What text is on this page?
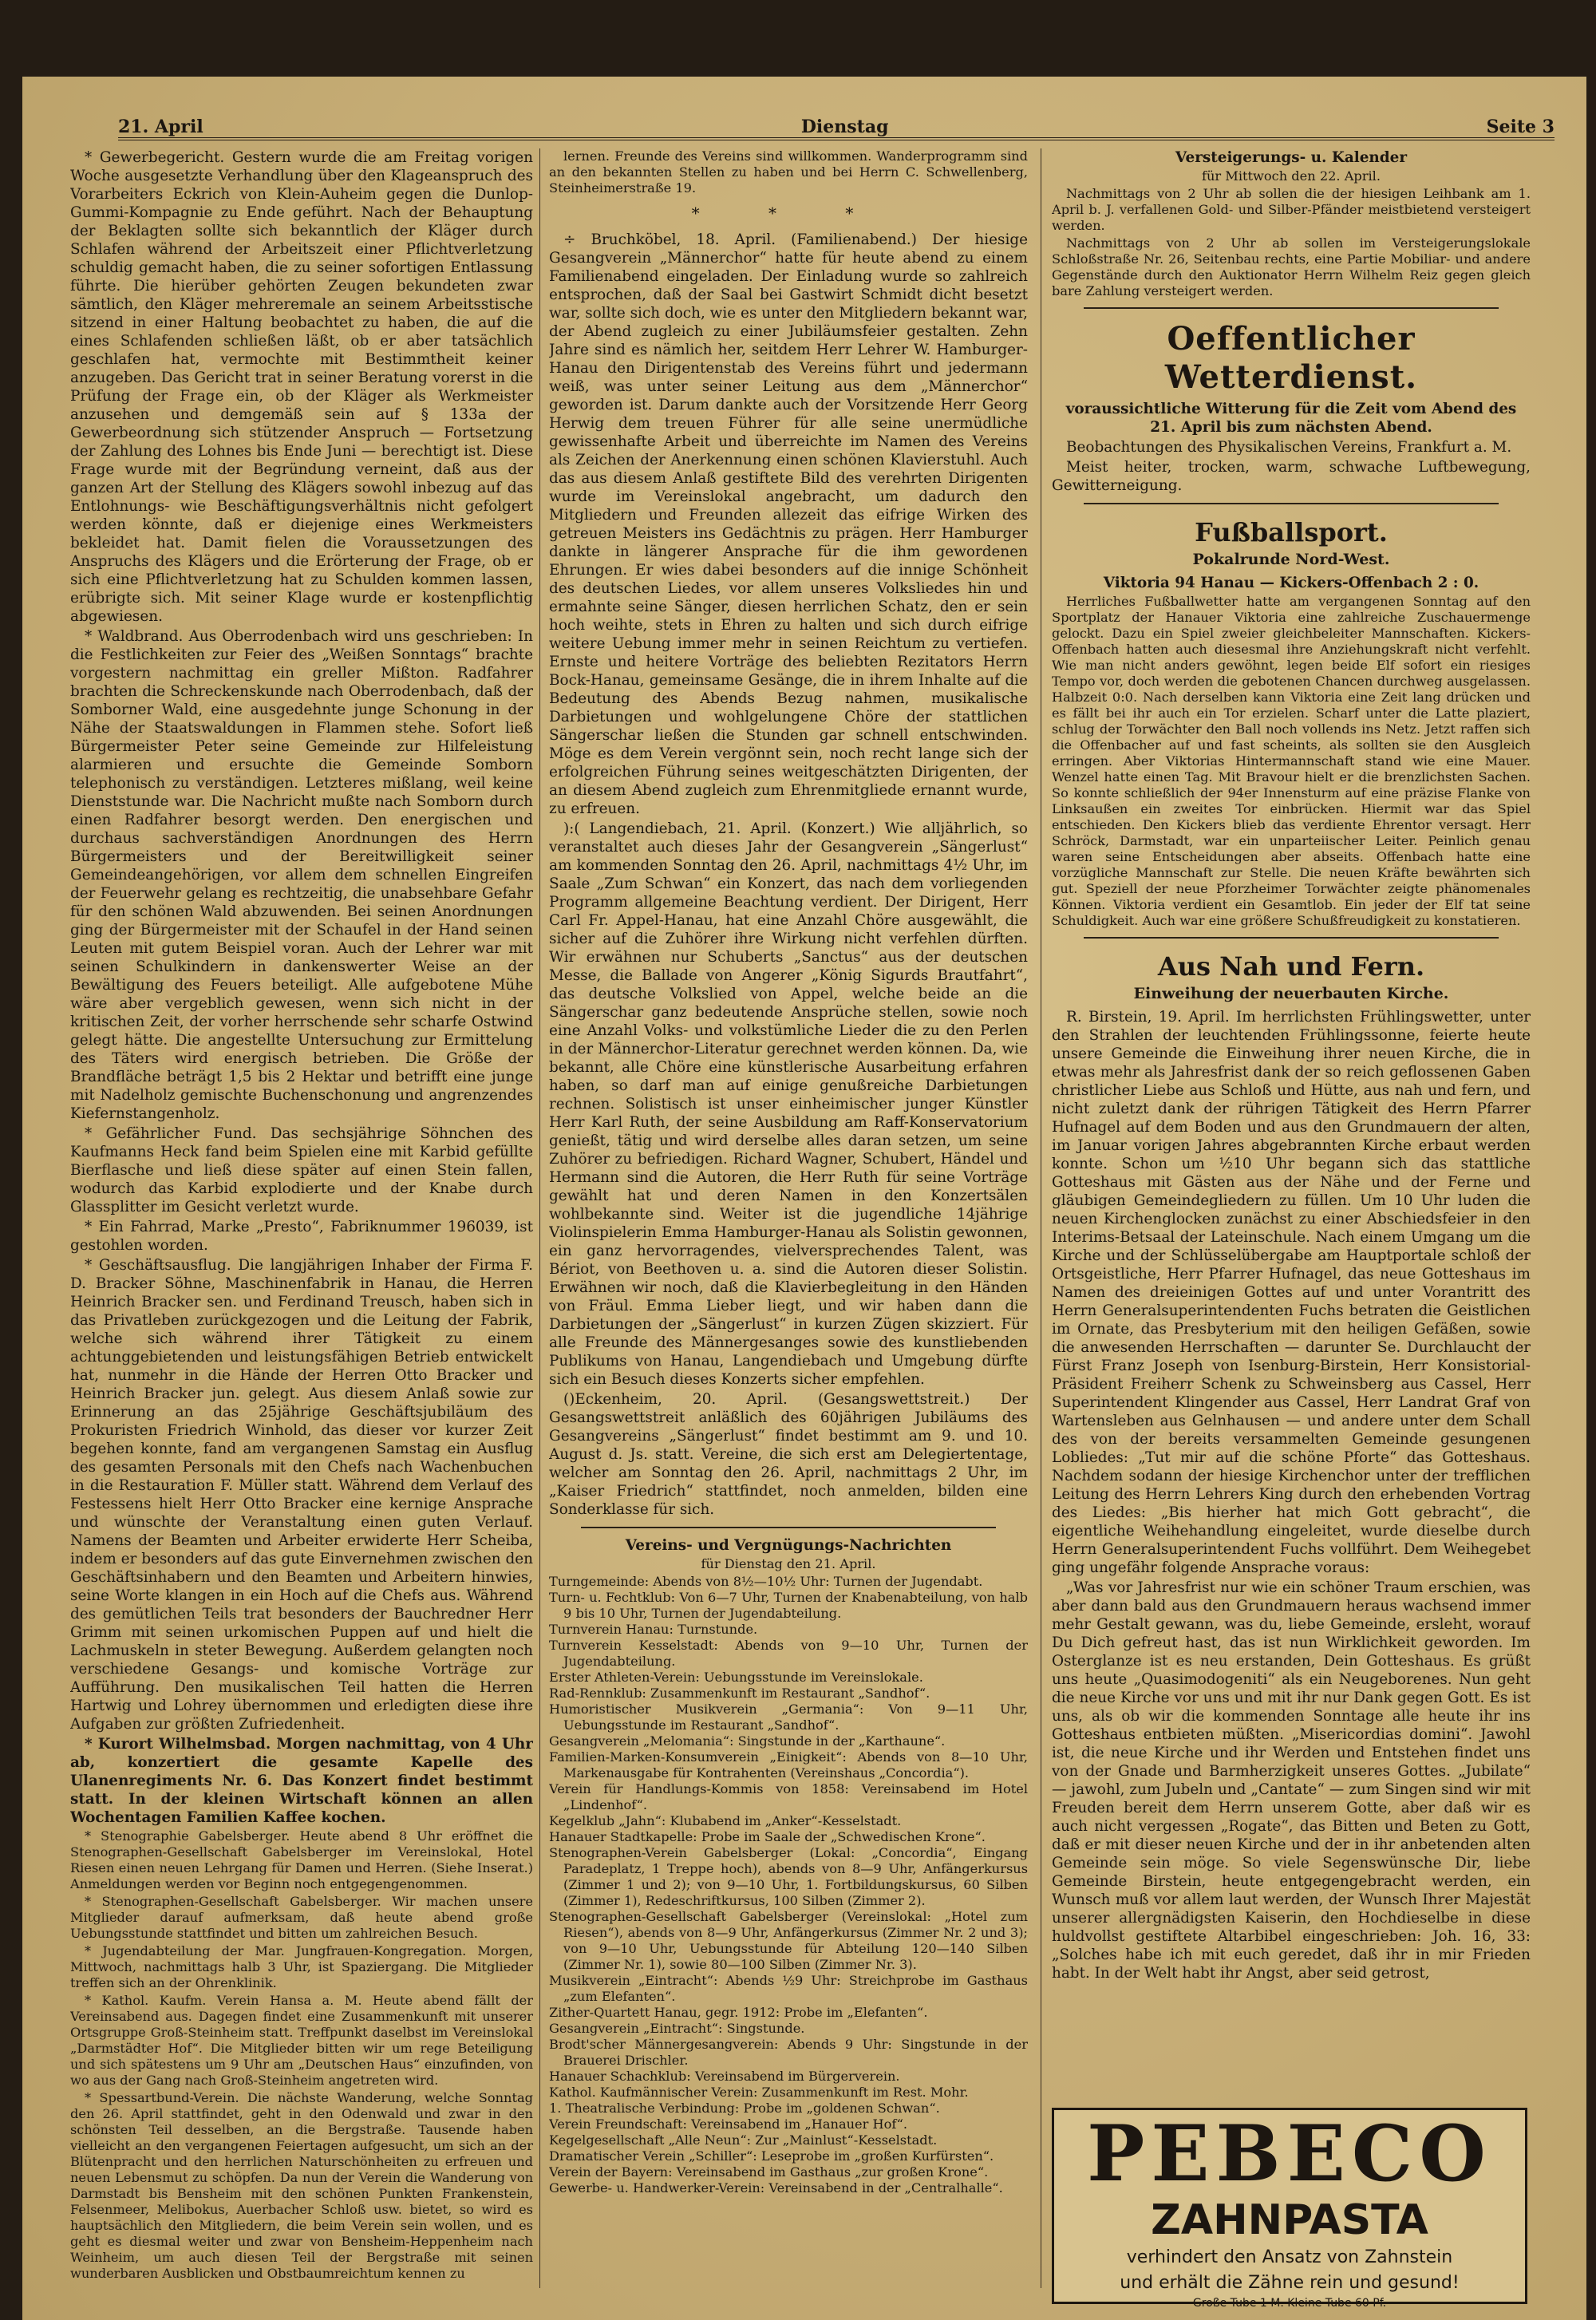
21. April	Dienstag	Seite 3

* Gewerbegericht. Gestern wurde die am Freitag vorigen Woche ausgesetzte Verhandlung über den Klageanspruch des Vorarbeiters Eckrich von Klein-Auheim gegen die Dunlop-Gummi-Kompagnie zu Ende geführt. Nach der Behauptung der Beklagten sollte sich bekanntlich der Kläger durch Schlafen während der Arbeitszeit einer Pflichtverletzung schuldig gemacht haben, die zu seiner sofortigen Entlassung führte. Die hierüber gehörten Zeugen bekundeten zwar sämtlich, den Kläger mehreremale an seinem Arbeitsstische sitzend in einer Haltung beobachtet zu haben, die auf die eines Schlafenden schließen läßt, ob er aber tatsächlich geschlafen hat, vermochte mit Bestimmtheit keiner anzugeben. Das Gericht trat in seiner Beratung vorerst in die Prüfung der Frage ein, ob der Kläger als Werkmeister anzusehen und demgemäß sein auf § 133a der Gewerbeordnung sich stützender Anspruch — Fortsetzung der Zahlung des Lohnes bis Ende Juni — berechtigt ist. Diese Frage wurde mit der Begründung verneint, daß aus der ganzen Art der Stellung des Klägers sowohl inbezug auf das Entlohnungs- wie Beschäftigungsverhältnis nicht gefolgert werden könnte, daß er diejenige eines Werkmeisters bekleidet hat. Damit fielen die Voraussetzungen des Anspruchs des Klägers und die Erörterung der Frage, ob er sich eine Pflichtverletzung hat zu Schulden kommen lassen, erübrigte sich. Mit seiner Klage wurde er kostenpflichtig abgewiesen.

* Waldbrand. Aus Oberrodenbach wird uns geschrieben: In die Festlichkeiten zur Feier des „Weißen Sonntags“ brachte vorgestern nachmittag ein greller Mißton. Radfahrer brachten die Schreckenskunde nach Oberrodenbach, daß der Somborner Wald, eine ausgedehnte junge Schonung in der Nähe der Staatswaldungen in Flammen stehe. Sofort ließ Bürgermeister Peter seine Gemeinde zur Hilfeleistung alarmieren und ersuchte die Gemeinde Somborn telephonisch zu verständigen. Letzteres mißlang, weil keine Dienststunde war. Die Nachricht mußte nach Somborn durch einen Radfahrer besorgt werden. Den energischen und durchaus sachverständigen Anordnungen des Herrn Bürgermeisters und der Bereitwilligkeit seiner Gemeindeangehörigen, vor allem dem schnellen Eingreifen der Feuerwehr gelang es rechtzeitig, die unabsehbare Gefahr für den schönen Wald abzuwenden. Bei seinen Anordnungen ging der Bürgermeister mit der Schaufel in der Hand seinen Leuten mit gutem Beispiel voran. Auch der Lehrer war mit seinen Schulkindern in dankenswerter Weise an der Bewältigung des Feuers beteiligt. Alle aufgebotene Mühe wäre aber vergeblich gewesen, wenn sich nicht in der kritischen Zeit, der vorher herrschende sehr scharfe Ostwind gelegt hätte. Die angestellte Untersuchung zur Ermittelung des Täters wird energisch betrieben. Die Größe der Brandfläche beträgt 1,5 bis 2 Hektar und betrifft eine junge mit Nadelholz gemischte Buchenschonung und angrenzendes Kiefernstangenholz.

* Gefährlicher Fund. Das sechsjährige Söhnchen des Kaufmanns Heck fand beim Spielen eine mit Karbid gefüllte Bierflasche und ließ diese später auf einen Stein fallen, wodurch das Karbid explodierte und der Knabe durch Glassplitter im Gesicht verletzt wurde.

* Ein Fahrrad, Marke „Presto“, Fabriknummer 196039, ist gestohlen worden.

* Geschäftsausflug. Die langjährigen Inhaber der Firma F. D. Bracker Söhne, Maschinenfabrik in Hanau, die Herren Heinrich Bracker sen. und Ferdinand Treusch, haben sich in das Privatleben zurückgezogen und die Leitung der Fabrik, welche sich während ihrer Tätigkeit zu einem achtunggebietenden und leistungsfähigen Betrieb entwickelt hat, nunmehr in die Hände der Herren Otto Bracker und Heinrich Bracker jun. gelegt. Aus diesem Anlaß sowie zur Erinnerung an das 25jährige Geschäftsjubiläum des Prokuristen Friedrich Winhold, das dieser vor kurzer Zeit begehen konnte, fand am vergangenen Samstag ein Ausflug des gesamten Personals mit den Chefs nach Wachenbuchen in die Restauration F. Müller statt. Während dem Verlauf des Festessens hielt Herr Otto Bracker eine kernige Ansprache und wünschte der Veranstaltung einen guten Verlauf. Namens der Beamten und Arbeiter erwiderte Herr Scheiba, indem er besonders auf das gute Einvernehmen zwischen den Geschäftsinhabern und den Beamten und Arbeitern hinwies, seine Worte klangen in ein Hoch auf die Chefs aus. Während des gemütlichen Teils trat besonders der Bauchredner Herr Grimm mit seinen urkomischen Puppen auf und hielt die Lachmuskeln in steter Bewegung. Außerdem gelangten noch verschiedene Gesangs- und komische Vorträge zur Aufführung. Den musikalischen Teil hatten die Herren Hartwig und Lohrey übernommen und erledigten diese ihre Aufgaben zur größten Zufriedenheit.

* Kurort Wilhelmsbad. Morgen nachmittag, von 4 Uhr ab, konzertiert die gesamte Kapelle des Ulanenregiments Nr. 6. Das Konzert findet bestimmt statt. In der kleinen Wirtschaft können an allen Wochentagen Familien Kaffee kochen.

* Stenographie Gabelsberger. Heute abend 8 Uhr eröffnet die Stenographen-Gesellschaft Gabelsberger im Vereinslokal, Hotel Riesen einen neuen Lehrgang für Damen und Herren. (Siehe Inserat.) Anmeldungen werden vor Beginn noch entgegengenommen.

* Stenographen-Gesellschaft Gabelsberger. Wir machen unsere Mitglieder darauf aufmerksam, daß heute abend große Uebungsstunde stattfindet und bitten um zahlreichen Besuch.

* Jugendabteilung der Mar. Jungfrauen-Kongregation. Morgen, Mittwoch, nachmittags halb 3 Uhr, ist Spaziergang. Die Mitglieder treffen sich an der Ohrenklinik.

* Kathol. Kaufm. Verein Hansa a. M. Heute abend fällt der Vereinsabend aus. Dagegen findet eine Zusammenkunft mit unserer Ortsgruppe Groß-Steinheim statt. Treffpunkt daselbst im Vereinslokal „Darmstädter Hof“. Die Mitglieder bitten wir um rege Beteiligung und sich spätestens um 9 Uhr am „Deutschen Haus“ einzufinden, von wo aus der Gang nach Groß-Steinheim angetreten wird.

* Spessartbund-Verein. Die nächste Wanderung, welche Sonntag den 26. April stattfindet, geht in den Odenwald und zwar in den schönsten Teil desselben, an die Bergstraße. Tausende haben vielleicht an den vergangenen Feiertagen aufgesucht, um sich an der Blütenpracht und den herrlichen Naturschönheiten zu erfreuen und neuen Lebensmut zu schöpfen. Da nun der Verein die Wanderung von Darmstadt bis Bensheim mit den schönen Punkten Frankenstein, Felsenmeer, Melibokus, Auerbacher Schloß usw. bietet, so wird es hauptsächlich den Mitgliedern, die beim Verein sein wollen, und es geht es diesmal weiter und zwar von Bensheim-Heppenheim nach Weinheim, um auch diesen Teil der Bergstraße mit seinen wunderbaren Ausblicken und Obstbaumreichtum kennen zu

lernen. Freunde des Vereins sind willkommen. Wanderprogramm sind an den bekannten Stellen zu haben und bei Herrn C. Schwellenberg, Steinheimerstraße 19.

* * *

÷ Bruchköbel, 18. April. (Familienabend.) Der hiesige Gesangverein „Männerchor“ hatte für heute abend zu einem Familienabend eingeladen. Der Einladung wurde so zahlreich entsprochen, daß der Saal bei Gastwirt Schmidt dicht besetzt war, sollte sich doch, wie es unter den Mitgliedern bekannt war, der Abend zugleich zu einer Jubiläumsfeier gestalten. Zehn Jahre sind es nämlich her, seitdem Herr Lehrer W. Hamburger-Hanau den Dirigentenstab des Vereins führt und jedermann weiß, was unter seiner Leitung aus dem „Männerchor“ geworden ist. Darum dankte auch der Vorsitzende Herr Georg Herwig dem treuen Führer für alle seine unermüdliche gewissenhafte Arbeit und überreichte im Namen des Vereins als Zeichen der Anerkennung einen schönen Klavierstuhl. Auch das aus diesem Anlaß gestiftete Bild des verehrten Dirigenten wurde im Vereinslokal angebracht, um dadurch den Mitgliedern und Freunden allezeit das eifrige Wirken des getreuen Meisters ins Gedächtnis zu prägen. Herr Hamburger dankte in längerer Ansprache für die ihm gewordenen Ehrungen. Er wies dabei besonders auf die innige Schönheit des deutschen Liedes, vor allem unseres Volksliedes hin und ermahnte seine Sänger, diesen herrlichen Schatz, den er sein hoch weihte, stets in Ehren zu halten und sich durch eifrige weitere Uebung immer mehr in seinen Reichtum zu vertiefen. Ernste und heitere Vorträge des beliebten Rezitators Herrn Bock-Hanau, gemeinsame Gesänge, die in ihrem Inhalte auf die Bedeutung des Abends Bezug nahmen, musikalische Darbietungen und wohlgelungene Chöre der stattlichen Sängerschar ließen die Stunden gar schnell entschwinden. Möge es dem Verein vergönnt sein, noch recht lange sich der erfolgreichen Führung seines weitgeschätzten Dirigenten, der an diesem Abend zugleich zum Ehrenmitgliede ernannt wurde, zu erfreuen.

):( Langendiebach, 21. April. (Konzert.) Wie alljährlich, so veranstaltet auch dieses Jahr der Gesangverein „Sängerlust“ am kommenden Sonntag den 26. April, nachmittags 4½ Uhr, im Saale „Zum Schwan“ ein Konzert, das nach dem vorliegenden Programm allgemeine Beachtung verdient. Der Dirigent, Herr Carl Fr. Appel-Hanau, hat eine Anzahl Chöre ausgewählt, die sicher auf die Zuhörer ihre Wirkung nicht verfehlen dürften. Wir erwähnen nur Schuberts „Sanctus“ aus der deutschen Messe, die Ballade von Angerer „König Sigurds Brautfahrt“, das deutsche Volkslied von Appel, welche beide an die Sängerschar ganz bedeutende Ansprüche stellen, sowie noch eine Anzahl Volks- und volkstümliche Lieder die zu den Perlen in der Männerchor-Literatur gerechnet werden können. Da, wie bekannt, alle Chöre eine künstlerische Ausarbeitung erfahren haben, so darf man auf einige genußreiche Darbietungen rechnen. Solistisch ist unser einheimischer junger Künstler Herr Karl Ruth, der seine Ausbildung am Raff-Konservatorium genießt, tätig und wird derselbe alles daran setzen, um seine Zuhörer zu befriedigen. Richard Wagner, Schubert, Händel und Hermann sind die Autoren, die Herr Ruth für seine Vorträge gewählt hat und deren Namen in den Konzertsälen wohlbekannte sind. Weiter ist die jugendliche 14jährige Violinspielerin Emma Hamburger-Hanau als Solistin gewonnen, ein ganz hervorragendes, vielversprechendes Talent, was Bériot, von Beethoven u. a. sind die Autoren dieser Solistin. Erwähnen wir noch, daß die Klavierbegleitung in den Händen von Fräul. Emma Lieber liegt, und wir haben dann die Darbietungen der „Sängerlust“ in kurzen Zügen skizziert. Für alle Freunde des Männergesanges sowie des kunstliebenden Publikums von Hanau, Langendiebach und Umgebung dürfte sich ein Besuch dieses Konzerts sicher empfehlen.

()Eckenheim, 20. April. (Gesangswettstreit.) Der Gesangswettstreit anläßlich des 60jährigen Jubiläums des Gesangvereins „Sängerlust“ findet bestimmt am 9. und 10. August d. Js. statt. Vereine, die sich erst am Delegiertentage, welcher am Sonntag den 26. April, nachmittags 2 Uhr, im „Kaiser Friedrich“ stattfindet, noch anmelden, bilden eine Sonderklasse für sich.

Vereins- und Vergnügungs-Nachrichten

für Dienstag den 21. April.

Turngemeinde: Abends von 8½—10½ Uhr: Turnen der Jugendabt.
Turn- u. Fechtklub: Von 6—7 Uhr, Turnen der Knabenabteilung, von halb 9 bis 10 Uhr, Turnen der Jugendabteilung.
Turnverein Hanau: Turnstunde.
Turnverein Kesselstadt: Abends von 9—10 Uhr, Turnen der Jugendabteilung.
Erster Athleten-Verein: Uebungsstunde im Vereinslokale.
Rad-Rennklub: Zusammenkunft im Restaurant „Sandhof“.
Humoristischer Musikverein „Germania“: Von 9—11 Uhr, Uebungsstunde im Restaurant „Sandhof“.
Gesangverein „Melomania“: Singstunde in der „Karthaune“.
Familien-Marken-Konsumverein „Einigkeit“: Abends von 8—10 Uhr, Markenausgabe für Kontrahenten (Vereinshaus „Concordia“).
Verein für Handlungs-Kommis von 1858: Vereinsabend im Hotel „Lindenhof“.
Kegelklub „Jahn“: Klubabend im „Anker“-Kesselstadt.
Hanauer Stadtkapelle: Probe im Saale der „Schwedischen Krone“.
Stenographen-Verein Gabelsberger (Lokal: „Concordia“, Eingang Paradeplatz, 1 Treppe hoch), abends von 8—9 Uhr, Anfängerkursus (Zimmer 1 und 2); von 9—10 Uhr, 1. Fortbildungskursus, 60 Silben (Zimmer 1), Redeschriftkursus, 100 Silben (Zimmer 2).
Stenographen-Gesellschaft Gabelsberger (Vereinslokal: „Hotel zum Riesen“), abends von 8—9 Uhr, Anfängerkursus (Zimmer Nr. 2 und 3); von 9—10 Uhr, Uebungsstunde für Abteilung 120—140 Silben (Zimmer Nr. 1), sowie 80—100 Silben (Zimmer Nr. 3).
Musikverein „Eintracht“: Abends ½9 Uhr: Streichprobe im Gasthaus „zum Elefanten“.
Zither-Quartett Hanau, gegr. 1912: Probe im „Elefanten“.
Gesangverein „Eintracht“: Singstunde.
Brodt'scher Männergesangverein: Abends 9 Uhr: Singstunde in der Brauerei Drischler.
Hanauer Schachklub: Vereinsabend im Bürgerverein.
Kathol. Kaufmännischer Verein: Zusammenkunft im Rest. Mohr.
1. Theatralische Verbindung: Probe im „goldenen Schwan“.
Verein Freundschaft: Vereinsabend im „Hanauer Hof“.
Kegelgesellschaft „Alle Neun“: Zur „Mainlust“-Kesselstadt.
Dramatischer Verein „Schiller“: Leseprobe im „großen Kurfürsten“.
Verein der Bayern: Vereinsabend im Gasthaus „zur großen Krone“.
Gewerbe- u. Handwerker-Verein: Vereinsabend in der „Centralhalle“.

Versteigerungs- u. Kalender

für Mittwoch den 22. April.

Nachmittags von 2 Uhr ab sollen die der hiesigen Leihbank am 1. April b. J. verfallenen Gold- und Silber-Pfänder meistbietend versteigert werden.

Nachmittags von 2 Uhr ab sollen im Versteigerungslokale Schloßstraße Nr. 26, Seitenbau rechts, eine Partie Mobiliar- und andere Gegenstände durch den Auktionator Herrn Wilhelm Reiz gegen gleich bare Zahlung versteigert werden.

Oeffentlicher Wetterdienst.

voraussichtliche Witterung für die Zeit vom Abend des 21. April bis zum nächsten Abend.

Beobachtungen des Physikalischen Vereins, Frankfurt a. M.

Meist heiter, trocken, warm, schwache Luftbewegung, Gewitterneigung.

Fußballsport.

Pokalrunde Nord-West.

Viktoria 94 Hanau — Kickers-Offenbach 2 : 0.

Herrliches Fußballwetter hatte am vergangenen Sonntag auf den Sportplatz der Hanauer Viktoria eine zahlreiche Zuschauermenge gelockt. Dazu ein Spiel zweier gleichbeleiter Mannschaften. Kickers-Offenbach hatten auch diesesmal ihre Anziehungskraft nicht verfehlt. Wie man nicht anders gewöhnt, legen beide Elf sofort ein riesiges Tempo vor, doch werden die gebotenen Chancen durchweg ausgelassen. Halbzeit 0:0. Nach derselben kann Viktoria eine Zeit lang drücken und es fällt bei ihr auch ein Tor erzielen. Scharf unter die Latte plaziert, schlug der Torwächter den Ball noch vollends ins Netz. Jetzt raffen sich die Offenbacher auf und fast scheints, als sollten sie den Ausgleich erringen. Aber Viktorias Hintermannschaft stand wie eine Mauer. Wenzel hatte einen Tag. Mit Bravour hielt er die brenzlichsten Sachen. So konnte schließlich der 94er Innensturm auf eine präzise Flanke von Linksaußen ein zweites Tor einbrücken. Hiermit war das Spiel entschieden. Den Kickers blieb das verdiente Ehrentor versagt. Herr Schröck, Darmstadt, war ein unparteiischer Leiter. Peinlich genau waren seine Entscheidungen aber abseits. Offenbach hatte eine vorzügliche Mannschaft zur Stelle. Die neuen Kräfte bewährten sich gut. Speziell der neue Pforzheimer Torwächter zeigte phänomenales Können. Viktoria verdient ein Gesamtlob. Ein jeder der Elf tat seine Schuldigkeit. Auch war eine größere Schußfreudigkeit zu konstatieren.

Aus Nah und Fern.

Einweihung der neuerbauten Kirche.

R. Birstein, 19. April. Im herrlichsten Frühlingswetter, unter den Strahlen der leuchtenden Frühlingssonne, feierte heute unsere Gemeinde die Einweihung ihrer neuen Kirche, die in etwas mehr als Jahresfrist dank der so reich geflossenen Gaben christlicher Liebe aus Schloß und Hütte, aus nah und fern, und nicht zuletzt dank der rührigen Tätigkeit des Herrn Pfarrer Hufnagel auf dem Boden und aus den Grundmauern der alten, im Januar vorigen Jahres abgebrannten Kirche erbaut werden konnte. Schon um ½10 Uhr begann sich das stattliche Gotteshaus mit Gästen aus der Nähe und der Ferne und gläubigen Gemeindegliedern zu füllen. Um 10 Uhr luden die neuen Kirchenglocken zunächst zu einer Abschiedsfeier in den Interims-Betsaal der Lateinschule. Nach einem Umgang um die Kirche und der Schlüsselübergabe am Hauptportale schloß der Ortsgeistliche, Herr Pfarrer Hufnagel, das neue Gotteshaus im Namen des dreieinigen Gottes auf und unter Vorantritt des Herrn Generalsuperintendenten Fuchs betraten die Geistlichen im Ornate, das Presbyterium mit den heiligen Gefäßen, sowie die anwesenden Herrschaften — darunter Se. Durchlaucht der Fürst Franz Joseph von Isenburg-Birstein, Herr Konsistorial-Präsident Freiherr Schenk zu Schweinsberg aus Cassel, Herr Superintendent Klingender aus Cassel, Herr Landrat Graf von Wartensleben aus Gelnhausen — und andere unter dem Schall des von der bereits versammelten Gemeinde gesungenen Lobliedes: „Tut mir auf die schöne Pforte“ das Gotteshaus. Nachdem sodann der hiesige Kirchenchor unter der trefflichen Leitung des Herrn Lehrers King durch den erhebenden Vortrag des Liedes: „Bis hierher hat mich Gott gebracht“, die eigentliche Weihehandlung eingeleitet, wurde dieselbe durch Herrn Generalsuperintendent Fuchs vollführt. Dem Weihegebet ging ungefähr folgende Ansprache voraus:

„Was vor Jahresfrist nur wie ein schöner Traum erschien, was aber dann bald aus den Grundmauern heraus wachsend immer mehr Gestalt gewann, was du, liebe Gemeinde, ersleht, worauf Du Dich gefreut hast, das ist nun Wirklichkeit geworden. Im Osterglanze ist es neu erstanden, Dein Gotteshaus. Es grüßt uns heute „Quasimodogeniti“ als ein Neugeborenes. Nun geht die neue Kirche vor uns und mit ihr nur Dank gegen Gott. Es ist uns, als ob wir die kommenden Sonntage alle heute ihr ins Gotteshaus entbieten müßten. „Misericordias domini“. Jawohl ist, die neue Kirche und ihr Werden und Entstehen findet uns von der Gnade und Barmherzigkeit unseres Gottes. „Jubilate“ — jawohl, zum Jubeln und „Cantate“ — zum Singen sind wir mit Freuden bereit dem Herrn unserem Gotte, aber daß wir es auch nicht vergessen „Rogate“, das Bitten und Beten zu Gott, daß er mit dieser neuen Kirche und der in ihr anbetenden alten Gemeinde sein möge. So viele Segenswünsche Dir, liebe Gemeinde Birstein, heute entgegengebracht werden, ein Wunsch muß vor allem laut werden, der Wunsch Ihrer Majestät unserer allergnädigsten Kaiserin, den Hochdieselbe in diese huldvollst gestiftete Altarbibel eingeschrieben: Joh. 16, 33: „Solches habe ich mit euch geredet, daß ihr in mir Frieden habt. In der Welt habt ihr Angst, aber seid getrost,

PEBECO
ZAHNPASTA
verhindert den Ansatz von Zahnstein
und erhält die Zähne rein und gesund!
Große Tube 1 M. Kleine Tube 60 Pf.
